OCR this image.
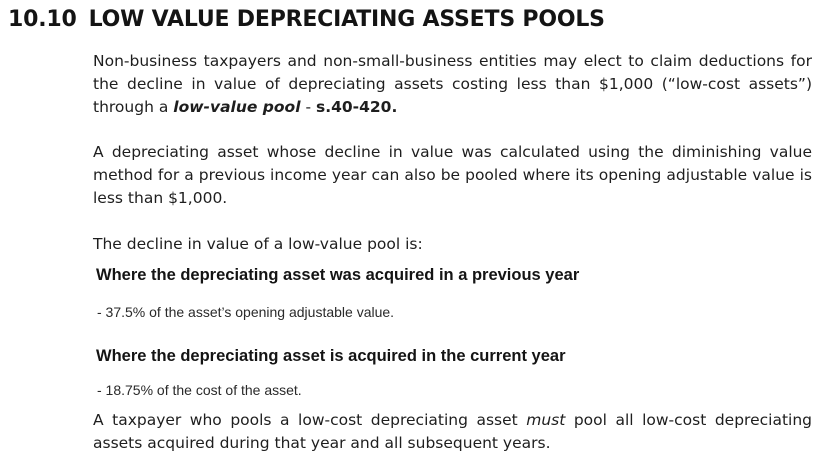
10.10 LOW VALUE DEPRECIATING ASSETS POOLS

Non-business taxpayers and non-small-business entities may elect to claim deductions for the decline in value of depreciating assets costing less than $1,000 (“low-cost assets”) through a low-value pool - s.40-420.

A depreciating asset whose decline in value was calculated using the diminishing value method for a previous income year can also be pooled where its opening adjustable value is less than $1,000.

The decline in value of a low-value pool is:

Where the depreciating asset was acquired in a previous year

- 37.5% of the asset’s opening adjustable value.

Where the depreciating asset is acquired in the current year

- 18.75% of the cost of the asset.

A taxpayer who pools a low-cost depreciating asset must pool all low-cost depreciating assets acquired during that year and all subsequent years.
